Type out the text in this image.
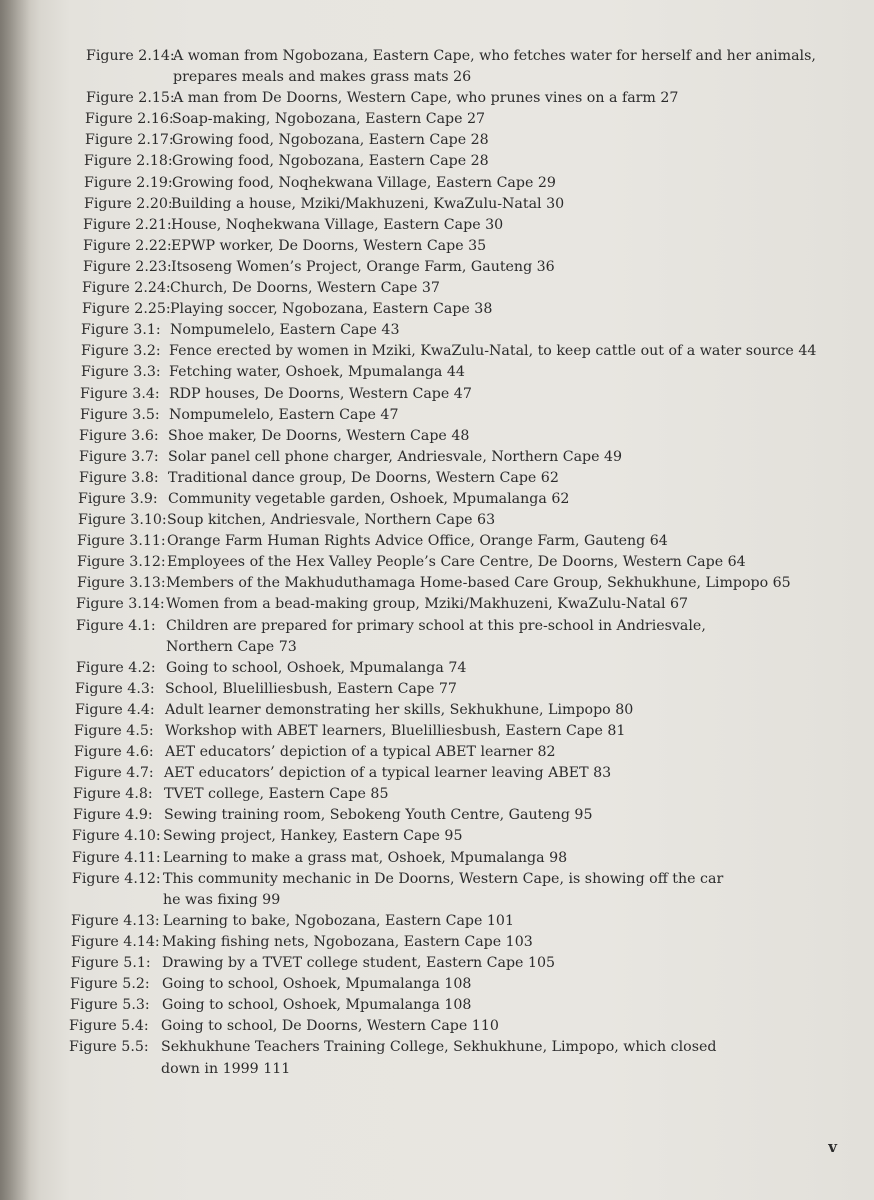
Figure 2.14:
A woman from Ngobozana, Eastern Cape, who fetches water for herself and her animals,
prepares meals and makes grass mats 26
Figure 2.15:
A man from De Doorns, Western Cape, who prunes vines on a farm 27
Figure 2.16:
Soap-making, Ngobozana, Eastern Cape 27
Figure 2.17:
Growing food, Ngobozana, Eastern Cape 28
Figure 2.18: Growing food, Ngobozana, Eastern Cape 28
Figure 2.19: Growing food, Noqhekwana Village, Eastern Cape 29
Figure 2.20:
Building a house, Mziki/Makhuzeni, KwaZulu-Natal 30
Figure 2.21: House, Noqhekwana Village, Eastern Cape 30
Figure 2.22: EPWP worker, De Doorns, Western Cape 35
Figure 2.23: Itsoseng Women’s Project, Orange Farm, Gauteng 36
Figure 2.24: Church, De Doorns, Western Cape 37
Figure 2.25: Playing soccer, Ngobozana, Eastern Cape 38
Figure 3.1: Nompumelelo, Eastern Cape 43
Figure 3.2: Fence erected by women in Mziki, KwaZulu-Natal, to keep cattle out of a water source 44
Figure 3.3: Fetching water, Oshoek, Mpumalanga 44
Figure 3.4: RDP houses, De Doorns, Western Cape 47
Figure 3.5: Nompumelelo, Eastern Cape 47
Figure 3.6: Shoe maker, De Doorns, Western Cape 48
Figure 3.7: Solar panel cell phone charger, Andriesvale, Northern Cape 49
Figure 3.8: Traditional dance group, De Doorns, Western Cape 62
Figure 3.9: Community vegetable garden, Oshoek, Mpumalanga 62
Figure 3.10: Soup kitchen, Andriesvale, Northern Cape 63
Figure 3.11: Orange Farm Human Rights Advice Office, Orange Farm, Gauteng 64
Figure 3.12: Employees of the Hex Valley People’s Care Centre, De Doorns, Western Cape 64
Figure 3.13: Members of the Makhuduthamaga Home-based Care Group, Sekhukhune, Limpopo 65
Figure 3.14: Women from a bead-making group, Mziki/Makhuzeni, KwaZulu-Natal 67
Figure 4.1: Children are prepared for primary school at this pre-school in Andriesvale,
Northern Cape 73
Figure 4.2: Going to school, Oshoek, Mpumalanga 74
Figure 4.3: School, Bluelilliesbush, Eastern Cape 77
Figure 4.4: Adult learner demonstrating her skills, Sekhukhune, Limpopo 80
Figure 4.5: Workshop with ABET learners, Bluelilliesbush, Eastern Cape 81
Figure 4.6: AET educators’ depiction of a typical ABET learner 82
Figure 4.7: AET educators’ depiction of a typical learner leaving ABET 83
Figure 4.8: TVET college, Eastern Cape 85
Figure 4.9: Sewing training room, Sebokeng Youth Centre, Gauteng 95
Figure 4.10: Sewing project, Hankey, Eastern Cape 95
Figure 4.11: Learning to make a grass mat, Oshoek, Mpumalanga 98
Figure 4.12: This community mechanic in De Doorns, Western Cape, is showing off the car
he was fixing 99
Figure 4.13: Learning to bake, Ngobozana, Eastern Cape 101
Figure 4.14: Making fishing nets, Ngobozana, Eastern Cape 103
Figure 5.1: Drawing by a TVET college student, Eastern Cape 105
Figure 5.2: Going to school, Oshoek, Mpumalanga 108
Figure 5.3: Going to school, Oshoek, Mpumalanga 108
Figure 5.4: Going to school, De Doorns, Western Cape 110
Figure 5.5: Sekhukhune Teachers Training College, Sekhukhune, Limpopo, which closed
down in 1999 111
v
